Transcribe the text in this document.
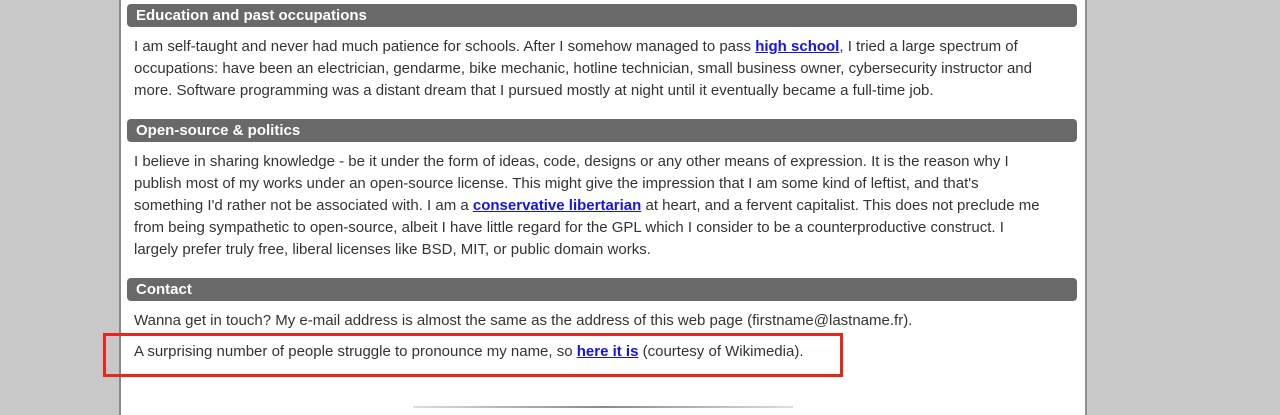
Education and past occupations
I am self-taught and never had much patience for schools. After I somehow managed to pass high school, I tried a large spectrum of
occupations: have been an electrician, gendarme, bike mechanic, hotline technician, small business owner, cybersecurity instructor and
more. Software programming was a distant dream that I pursued mostly at night until it eventually became a full-time job.
Open-source & politics
I believe in sharing knowledge - be it under the form of ideas, code, designs or any other means of expression. It is the reason why I
publish most of my works under an open-source license. This might give the impression that I am some kind of leftist, and that's
something I'd rather not be associated with. I am a conservative libertarian at heart, and a fervent capitalist. This does not preclude me
from being sympathetic to open-source, albeit I have little regard for the GPL which I consider to be a counterproductive construct. I
largely prefer truly free, liberal licenses like BSD, MIT, or public domain works.
Contact
Wanna get in touch? My e-mail address is almost the same as the address of this web page (firstname@lastname.fr).
A surprising number of people struggle to pronounce my name, so here it is (courtesy of Wikimedia).
